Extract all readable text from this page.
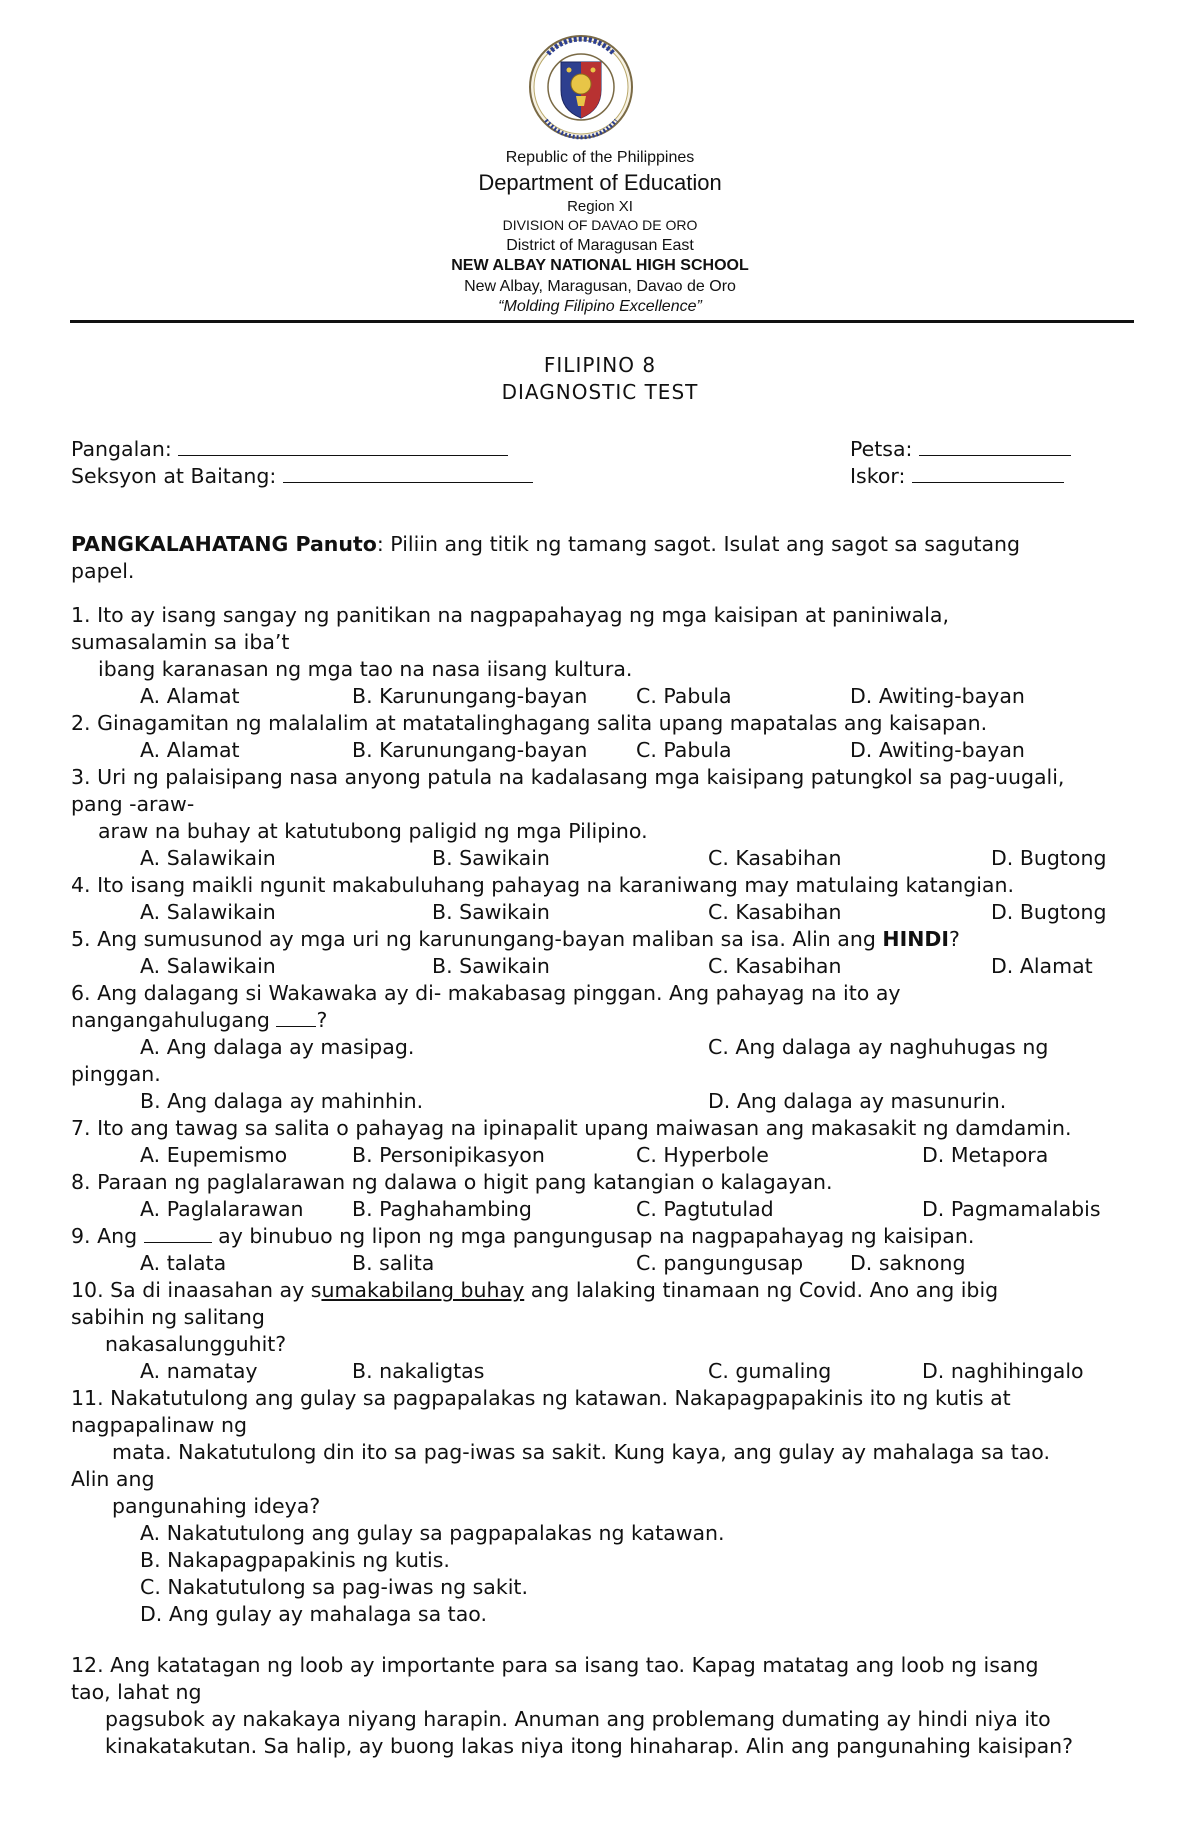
Republic of the Philippines
Department of Education
Region XI
DIVISION OF DAVAO DE ORO
District of Maragusan East
NEW ALBAY NATIONAL HIGH SCHOOL
New Albay, Maragusan, Davao de Oro
“Molding Filipino Excellence”
FILIPINO 8
DIAGNOSTIC TEST
Pangalan:	Petsa:
Seksyon at Baitang:	Iskor:
PANGKALAHATANG Panuto: Piliin ang titik ng tamang sagot. Isulat ang sagot sa sagutang
papel.
1. Ito ay isang sangay ng panitikan na nagpapahayag ng mga kaisipan at paniniwala,
sumasalamin sa iba’t
ibang karanasan ng mga tao na nasa iisang kultura.
A. Alamat	B. Karunungang-bayan C. Pabula	D. Awiting-bayan
2. Ginagamitan ng malalalim at matatalinghagang salita upang mapatalas ang kaisapan.
A. Alamat	B. Karunungang-bayan C. Pabula	D. Awiting-bayan
3. Uri ng palaisipang nasa anyong patula na kadalasang mga kaisipang patungkol sa pag-uugali,
pang -araw-
araw na buhay at katutubong paligid ng mga Pilipino.
A. Salawikain	B. Sawikain	C. Kasabihan	D. Bugtong
4. Ito isang maikli ngunit makabuluhang pahayag na karaniwang may matulaing katangian.
A. Salawikain	B. Sawikain	C. Kasabihan	D. Bugtong
5. Ang sumusunod ay mga uri ng karunungang-bayan maliban sa isa. Alin ang HINDI?
A. Salawikain	B. Sawikain	C. Kasabihan	D. Alamat
6. Ang dalagang si Wakawaka ay di- makabasag pinggan. Ang pahayag na ito ay
nangangahulugang ?
A. Ang dalaga ay masipag.	C. Ang dalaga ay naghuhugas ng
pinggan.
B. Ang dalaga ay mahinhin.	D. Ang dalaga ay masunurin.
7. Ito ang tawag sa salita o pahayag na ipinapalit upang maiwasan ang makasakit ng damdamin.
A. Eupemismo	B. Personipikasyon	C. Hyperbole	D. Metapora
8. Paraan ng paglalarawan ng dalawa o higit pang katangian o kalagayan.
A. Paglalarawan B. Paghahambing	C. Pagtutulad	D. Pagmamalabis
9. Ang	ay binubuo ng lipon ng mga pangungusap na nagpapahayag ng kaisipan.
A. talata	B. salita	C. pangungusap D. saknong
10. Sa di inaasahan ay sumakabilang buhay ang lalaking tinamaan ng Covid. Ano ang ibig
sabihin ng salitang
nakasalungguhit?
A. namatay	B. nakaligtas	C. gumaling	D. naghihingalo
11. Nakatutulong ang gulay sa pagpapalakas ng katawan. Nakapagpapakinis ito ng kutis at
nagpapalinaw ng
mata. Nakatutulong din ito sa pag-iwas sa sakit. Kung kaya, ang gulay ay mahalaga sa tao.
Alin ang
pangunahing ideya?
A. Nakatutulong ang gulay sa pagpapalakas ng katawan.
B. Nakapagpapakinis ng kutis.
C. Nakatutulong sa pag-iwas ng sakit.
D. Ang gulay ay mahalaga sa tao.
12. Ang katatagan ng loob ay importante para sa isang tao. Kapag matatag ang loob ng isang
tao, lahat ng
pagsubok ay nakakaya niyang harapin. Anuman ang problemang dumating ay hindi niya ito
kinakatakutan. Sa halip, ay buong lakas niya itong hinaharap. Alin ang pangunahing kaisipan?
